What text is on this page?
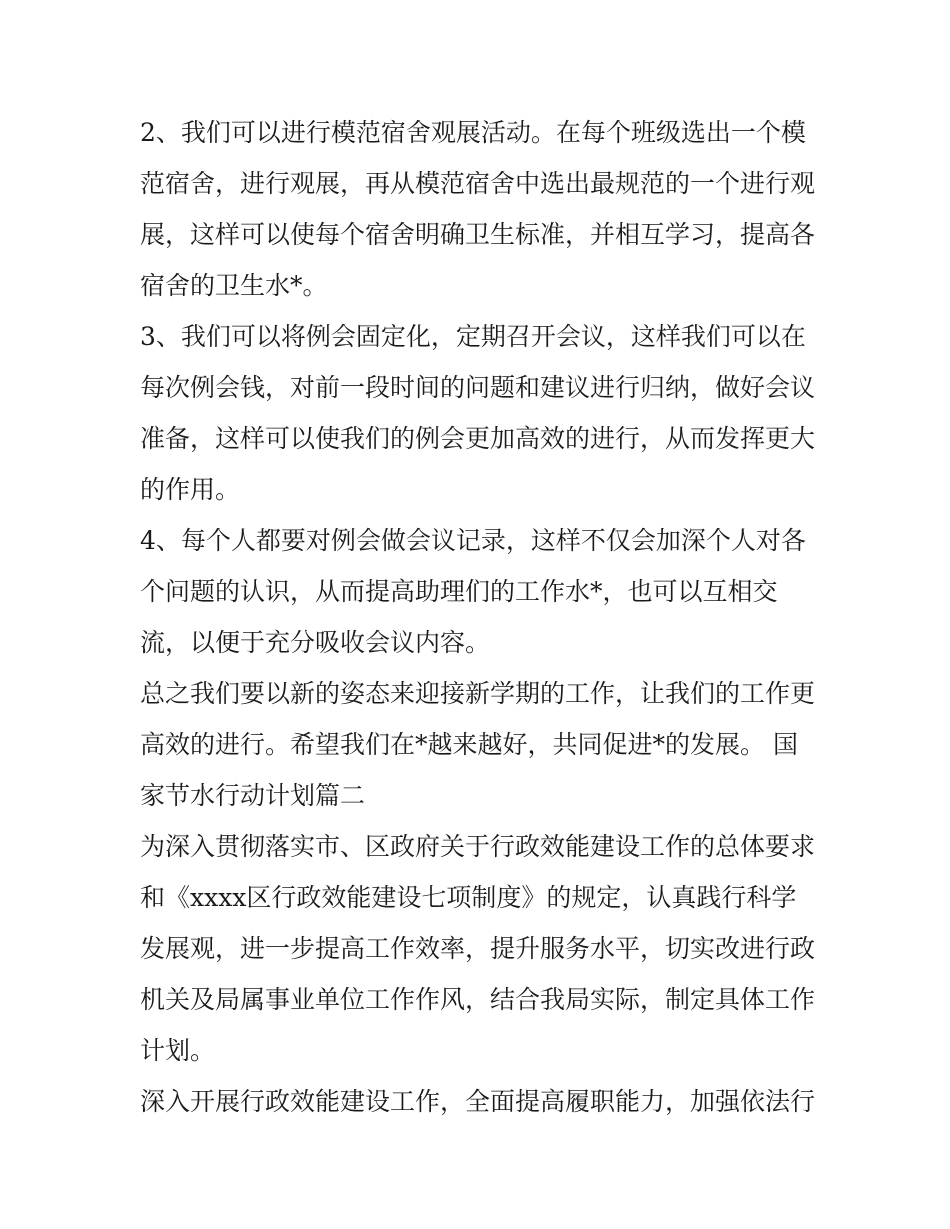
2、我们可以进行模范宿舍观展活动。在每个班级选出一个模
范宿舍，进行观展，再从模范宿舍中选出最规范的一个进行观
展，这样可以使每个宿舍明确卫生标准，并相互学习，提高各
宿舍的卫生水*。
3、我们可以将例会固定化，定期召开会议，这样我们可以在
每次例会钱，对前一段时间的问题和建议进行归纳，做好会议
准备，这样可以使我们的例会更加高效的进行，从而发挥更大
的作用。
4、每个人都要对例会做会议记录，这样不仅会加深个人对各
个问题的认识，从而提高助理们的工作水*，也可以互相交
流，以便于充分吸收会议内容。
总之我们要以新的姿态来迎接新学期的工作，让我们的工作更
高效的进行。希望我们在*越来越好，共同促进*的发展。 国
家节水行动计划篇二
为深入贯彻落实市、区政府关于行政效能建设工作的总体要求
和《xxxx区行政效能建设七项制度》的规定，认真践行科学
发展观，进一步提高工作效率，提升服务水平，切实改进行政
机关及局属事业单位工作作风，结合我局实际，制定具体工作
计划。
深入开展行政效能建设工作，全面提高履职能力，加强依法行
